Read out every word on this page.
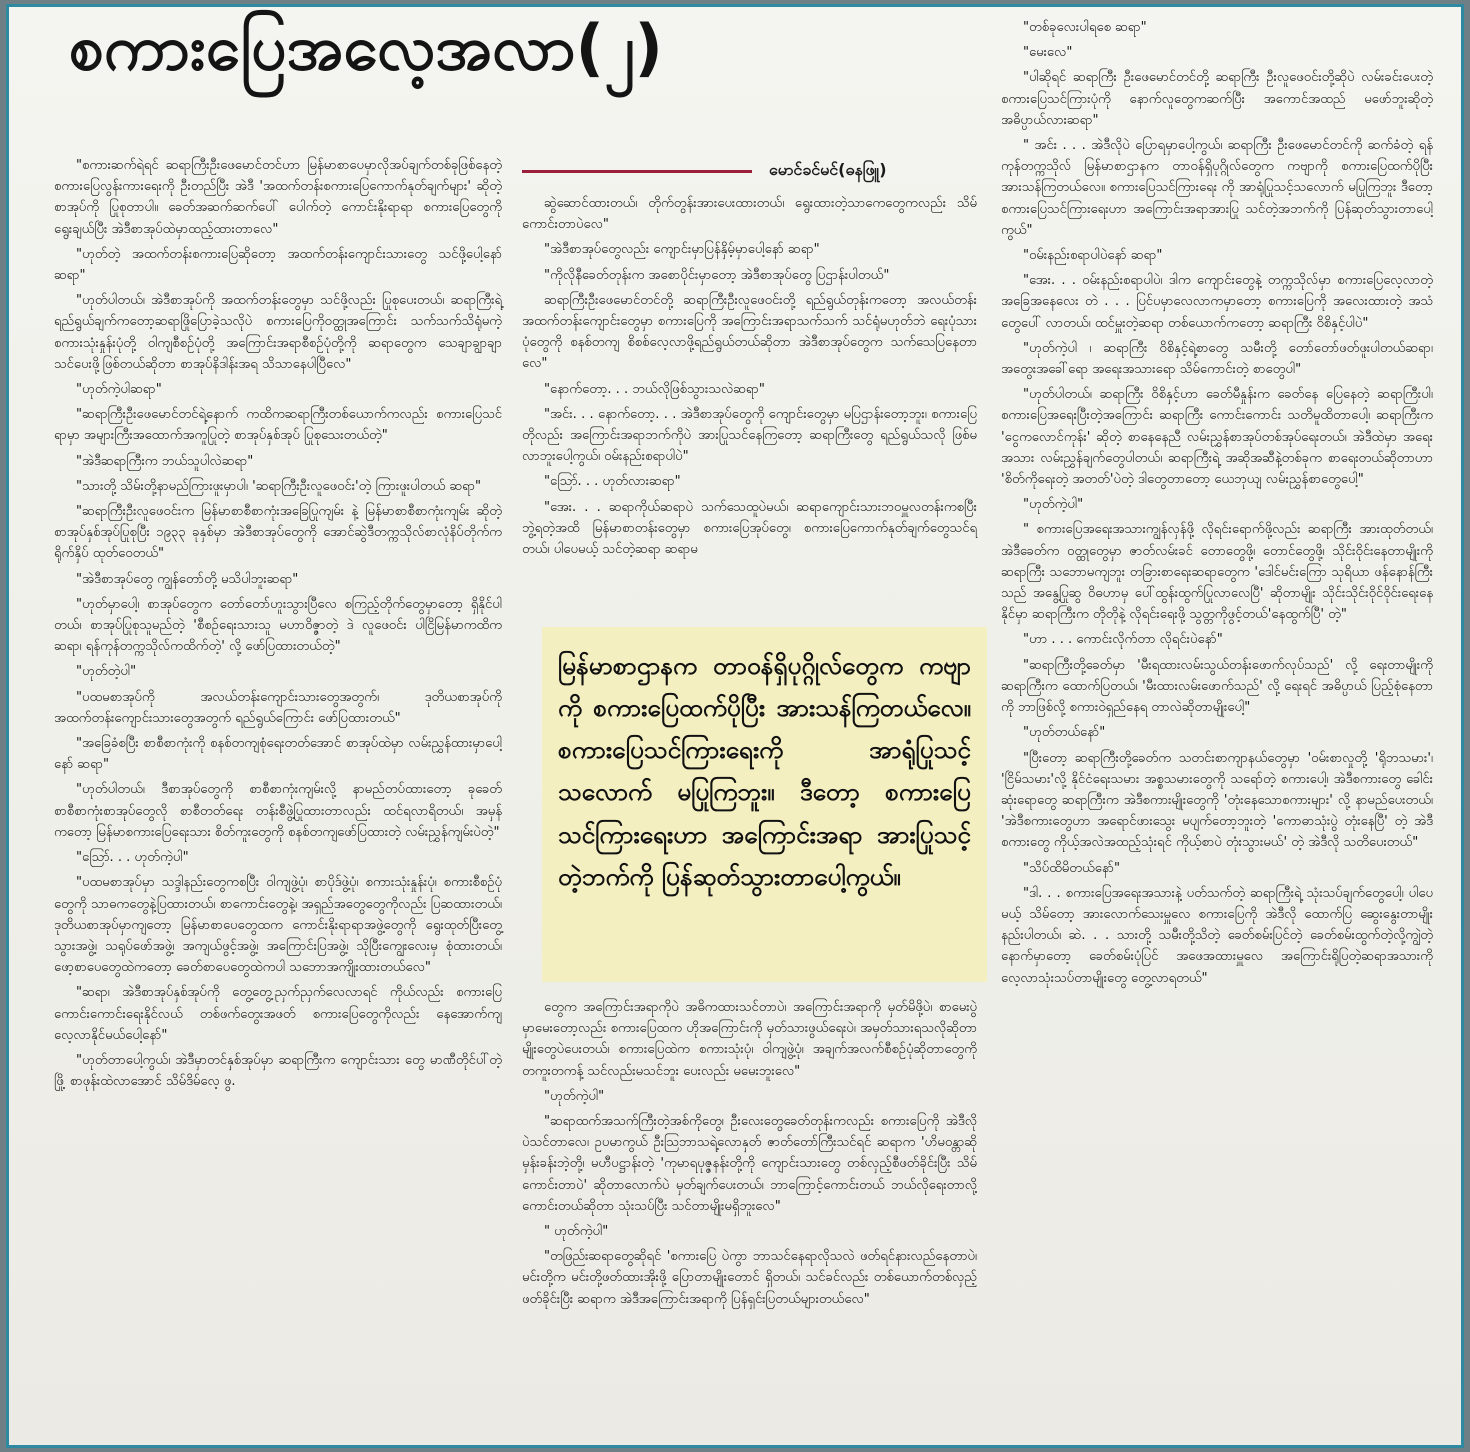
စကားပြေအလေ့အလာ(၂)
မောင်ခင်မင်(ဓနဖြူ)

"စကားဆက်ရဲရင် ဆရာကြီးဦးဖေမောင်တင်ဟာ မြန်မာစာပေမှာလိုအပ်ချက်တစ်ခုဖြစ်နေတဲ့ စကားပြေလွန်းကားရေးကို ဦးတည်ပြီး အဲဒီ 'အထက်တန်းစကားပြေကောက်နုတ်ချက်များ' ဆိုတဲ့ စာအုပ်ကို ပြုစုတာပါ။ ခေတ်အဆက်ဆက်ပေါ် ပေါက်တဲ့ ကောင်းနိုးရာရာ စကားပြေတွေကို ရွေးချယ်ပြီး အဲဒီစာအုပ်ထဲမှာထည့်ထားတာလေ"

"ဟုတ်တဲ့ အထက်တန်းစကားပြေဆိုတော့ အထက်တန်းကျောင်းသားတွေ သင်ဖို့ပေါ့နော်ဆရာ"

"ဟုတ်ပါတယ်၊ အဲဒီစာအုပ်ကို အထက်တန်းတွေမှာ သင်ဖို့လည်း ပြုစုပေးတယ်၊ ဆရာကြီးရဲ့ရည်ရွယ်ချက်ကတော့ဆရာဖြိုပြောခဲ့သလိုပဲ စကားပြေကိုဝတ္ထုအကြောင်း သက်သက်သိရုံမကဲ့ စကားသုံးနှုန်းပုံတို့ ဝါကျစီစဉ်ပုံတို့ အကြောင်းအရာစီစဉ်ပုံတို့ကို ဆရာတွေက သေချာချွာချာသင်ပေးဖို့ဖြစ်တယ်ဆိုတာ စာအုပ်နိဒါန်းအရ သိသာနေပါပြီလေ"

"ဟုတ်ကဲ့ပါဆရာ"

"ဆရာကြီးဦးဖေမောင်တင်ရဲ့နောက် ကထိကဆရာကြီးတစ်ယောက်ကလည်း စကားပြေသင်ရာမှာ အများကြီးအထောက်အကူပြုတဲ့ စာအုပ်နှစ်အုပ် ပြုစုသေးတယ်တဲ့"

"အဲဒီဆရာကြီးက ဘယ်သူပါလဲဆရာ"

"သားတို့ သိမ်းတို့နာမည်ကြားဖူးမှာပါ၊ 'ဆရာကြီးဦးလူဖေဝင်း'တဲ့ ကြားဖူးပါတယ် ဆရာ"

"ဆရာကြီးဦးလူဖေဝင်းက မြန်မာစာစီစာကုံးအခြေပြုကျမ်း နဲ့ မြန်မာစာစီစာကုံးကျမ်း ဆိုတဲ့ စာအုပ်နှစ်အုပ်ပြုစုပြီး ၁၉၃၃ ခုနှစ်မှာ အဲဒီစာအုပ်တွေကို အောင်ဆွဲဒီတက္ကသိုလ်စာလုံနိပ်တိုက်က ရိုက်နှိပ် ထုတ်ဝေတယ်"

"အဲဒီစာအုပ်တွေ ကျွန်တော်တို့ မသိပါဘူးဆရာ"

"ဟုတ်မှာပေါ့၊ စာအုပ်တွေက တော်တော်ဟူးသွားပြီလေ စကြည့်တိုက်တွေမှာတော့ ရှိနိုင်ပါတယ်၊ စာအုပ်ပြုစုသူမည်တဲ့ 'စီစဉ်ရေးသားသူ မဟာဝိဇ္ဇာတဲ့ ဒဲ လူဖေဝင်း ပါငြိမြန်မာကထိက ဆရာ၊ ရန်ကုန်တက္ကသိုလ်ကထိက်တဲ့' လို့ ဖော်ပြထားတယ်တဲ့"

"ဟုတ်တဲ့ပါ"

"ပထမစာအုပ်ကို အလယ်တန်းကျောင်းသားတွေအတွက်၊ ဒုတိယစာအုပ်ကို အထက်တန်းကျောင်းသားတွေအတွက် ရည်ရွယ်ကြောင်း ဖော်ပြထားတယ်"

"အခြေခံစပြီး စာစီစာကုံးကို စနစ်တကျစုံရေးတတ်အောင် စာအုပ်ထဲမှာ လမ်းညွှန်ထားမှာပေါ့နော် ဆရာ"

"ဟုတ်ပါတယ်၊ ဒီစာအုပ်တွေကို စာစီစာကုံးကျမ်းလို့ နာမည်တပ်ထားတော့ ခုခေတ် စာစီစာကုံးစာအုပ်တွေလို စာစီတတ်ရေး တန်းစီဖွဲ့ပြုထားတာလည်း ထင်ရလာရိတယ်၊ အမှန်ကတော့ မြန်မာစကားပြေရေးသား စိတ်ကူးတွေကို စနစ်တကျဖော်ပြထားတဲ့ လမ်းညွှန်ကျမ်းပဲတဲ့"

"ဪ. . . ဟုတ်ကဲ့ပါ"

"ပထမစာအုပ်မှာ သဒ္ဒါနည်းတွေကစပြီး ဝါကျဖွဲ့ပုံ၊ စာပိုဒ်ဖွဲ့ပုံ၊ စကားသုံးနှုန်းပုံ၊ စကားစီစဉ်ပုံတွေကို သာဓကတွေနဲ့ပြထားတယ်၊ စာကောင်းတွေနဲ့၊ အရှည်အတွေတွေကိုလည်း ပြဆထားတယ်၊ ဒုတိယစာအုပ်မှာကျတော့ မြန်မာစာပေတွေထက ကောင်းနိုးရာရာအဖွဲ့တွေကို ရွေးထုတ်ပြီးတွေ့ သွားအဖွဲ့၊ သရုပ်ဖော်အဖွဲ့၊ အကျယ်ဖွင့်အဖွဲ့၊ အကြောင်းပြအဖွဲ့၊ သိုပြီးကျွေးလေးမှ စုံထားတယ်၊ ဖော့စာပေတွေထဲကတော့ ခေတ်စာပေတွေထဲကပါ သဘောအကျိုးထားတယ်လေ"

"ဆရာ၊ အဲဒီစာအုပ်နှစ်အုပ်ကို တွေ့တွေ့ညှက်ညှက်လေလာရင် ကိုယ်လည်း စကားပြေကောင်းကောင်းရေးနိုင်လယ် တစ်ဖက်တွေးအဖတ် စကားပြေတွေကိုလည်း နေအောက်ကျ လေ့လာနိုင်မယ်ပေါ့နော်"

"ဟုတ်တာပေါ့ကွယ်၊ အဲဒီမှာတင်နှစ်အုပ်မှာ ဆရာကြီးက ကျောင်းသား တွေ မာဏီတိုင်ပါ်တဲ့ဖြို့ စာဖုန်းထဲလာအောင် သိမ်ဒိမ်လေ့ ဖွ.

ဆွဲဆောင်ထားတယ်၊ တိုက်တွန်းအားပေးထားတယ်၊ ရွေးထားတဲ့သာကေတွေကလည်း သိမ်ကောင်းတာပဲလေ"

"အဲဒီစာအုပ်တွေလည်း ကျောင်းမှာပြန်နှိမ့်မှာပေါ့နော် ဆရာ"

"ကိုလိုနီခေတ်တုန်းက အစောပိုင်းမှာတော့ အဲဒီစာအုပ်တွေ ပြဌာန်းပါတယ်"

ဆရာကြီးဦးဖေမောင်တင်တို့ ဆရာကြီးဦးလူဖေဝင်းတို့ ရည်ရွယ်တုန်းကတော့ အလယ်တန်း အထက်တန်းကျောင်းတွေမှာ စကားပြေကို အကြောင်းအရာသက်သက် သင်ရုံမဟုတ်ဘဲ ရေးပုံသားပုံတွေကို စနစ်တကျ စိစစ်လေ့လာဖို့ရည်ရွယ်တယ်ဆိုတာ အဲဒီစာအုပ်တွေက သက်သေပြနေတာလေ"

"နောက်တော့. . . ဘယ်လိုဖြစ်သွားသလဲဆရာ"

"အင်း. . . နောက်တော့. . . အဲဒီစာအုပ်တွေကို ကျောင်းတွေမှာ မပြဌာန်းတော့ဘူး၊ စကားပြေတိုလည်း အကြောင်းအရာဘက်ကိုပဲ အားပြုသင်နေကြတော့ ဆရာကြီးတွေ ရည်ရွယ်သလို ဖြစ်မလာဘူးပေါ့ကွယ်၊ ဝမ်းနည်းစရာပါပဲ"

"ဪ. . . ဟုတ်လားဆရာ"

"အေး. . . ဆရာကိုယ်ဆရာပဲ သက်သေထူပဲမယ်၊ ဆရာကျောင်းသားဘဝမှူလတန်းကစပြီး ဘွဲ့ရတဲ့အထိ မြန်မာစာတန်းတွေမှာ စကားပြေအုပ်တွေ၊ စကားပြေကောက်နုတ်ချက်တွေသင်ရတယ်၊ ပါပေမယ့် သင်တဲ့ဆရာ ဆရာမ

မြန်မာစာဌာနက တာဝန်ရှိပုဂ္ဂိုလ်တွေက ကဗျာကို စကားပြေထက်ပိုပြီး အားသန်ကြတယ်လေ။ စကားပြေသင်ကြားရေးကို အာရုံပြုသင့်သလောက် မပြုကြဘူး။ ဒီတော့ စကားပြေသင်ကြားရေးဟာ အကြောင်းအရာ အားပြုသင့်တဲ့ဘက်ကို ပြန်ဆုတ်သွားတာပေါ့ကွယ်။

တွေက အကြောင်းအရာကိုပဲ အဓိကထားသင်တာပဲ၊ အကြောင်းအရာကို မှတ်မိဖို့ပဲ၊ စာမေးပွဲမှာမေးတော့လည်း စကားပြေထက ဟိုအကြောင်းကို မှတ်သားဖွယ်ရေးပဲ၊ အမှတ်သားရသလိုဆိုတာမျိုးတွေပဲပေးတယ်၊ စကားပြေထဲက စကားသုံးပုံ၊ ဝါကျဖွဲ့ပုံ၊ အချက်အလက်စီစဉ်ပုံဆိုတာတွေကို တကူးတကန့် သင်လည်းမသင်ဘူး ပေးလည်း မမေးဘူးလေ"

"ဟုတ်ကဲ့ပါ"

"ဆရာထက်အသက်ကြီးတဲ့အစ်ကိုတွေ၊ ဦးလေးတွေခေတ်တုန်းကလည်း စကားပြေကို အဲဒီလိုပဲသင်တာလေ၊ ဥပမာကွယ် ဦးသြဘာသရဲ့လောနှတ် ဇာတ်တော်ကြီးသင်ရင် ဆရာက 'ဟိမဝန္တာဆိုမှန်းခန်းဘဲ့တို့၊ မဟီပဋ္ဌာန်းတဲ့ 'ကုမာရပုဇ္ဇနန်းတို့ကို ကျောင်းသားတွေ တစ်လှည့်စီဖတ်ခိုင်းပြီး သိမ်ကောင်းတာပဲ' ဆိုတာလောက်ပဲ မှတ်ချက်ပေးတယ်၊ ဘာကြောင့်ကောင်းတယ် ဘယ်လိုရေးတာလို့ ကောင်းတယ်ဆိုတာ သုံးသပ်ပြီး သင်တာမျိုးမရှိဘူးလေ"

" ဟုတ်ကဲ့ပါ"

"တဖြည်းဆရာတွေဆိုရင် 'စကားပြေ ပဲကွာ ဘာသင်နေရာလိုသလဲ ဖတ်ရင်နားလည်နေတာပဲ၊ မင်းတို့က မင်းတို့ဖတ်ထားအိုးဖို့ ပြောတာမျိုးတောင် ရှိတယ်၊ သင်ခင်လည်း တစ်ယောက်တစ်လှည့်ဖတ်ခိုင်းပြီး ဆရာက အဲဒီအကြောင်းအရာကို ပြန်ရှင်းပြတယ်များတယ်လေ"

"တစ်ခုလေးပါရစေ ဆရာ"

"မေးလေ"

"ပါဆိုရင် ဆရာကြီး ဦးဖေမောင်တင်တို့ ဆရာကြီး ဦးလူဖေဝင်းတို့ဆိုပဲ လမ်းခင်းပေးတဲ့ စကားပြေသင်ကြားပုံကို နောက်လူတွေကဆက်ပြီး အကောင်အထည် မဖော်ဘူးဆိုတဲ့ အဓိပ္ပာယ်လားဆရာ"

" အင်း . . . အဲဒီလိုပဲ ပြောရမှာပေါ့ကွယ်၊ ဆရာကြီး ဦးဖေမောင်တင်ကို ဆက်ခံတဲ့ ရန်ကုန်တက္ကသိုလ် မြန်မာစာဌာနက တာဝန်ရှိပုဂ္ဂိုလ်တွေက ကဗျာကို စကားပြေထက်ပိုပြီး အားသန်ကြတယ်လေ။ စကားပြေသင်ကြားရေး ကို အာရုံပြုသင့်သလောက် မပြုကြဘူး ဒီတော့ စကားပြေသင်ကြားရေးဟာ အကြောင်းအရာအားပြု သင်တဲ့အဘက်ကို ပြန်ဆုတ်သွားတာပေါ့ကွယ်"

"ဝမ်းနည်းစရာပါပဲနော် ဆရာ"

"အေး. . . ဝမ်းနည်းစရာပါပဲ၊ ဒါက ကျောင်းတွေနဲ့ တက္ကသိုလ်မှာ စကားပြေလေ့လာတဲ့ အခြေအနေလေး တဲ . . . ပြင်ပမှာလေလာကမှာတော့ စကားပြေကို အလေးထားတဲ့ အသံတွေပေါ် လာတယ်၊ ထင်မှူးတဲ့ဆရာ တစ်ယောက်ကတော့ ဆရာကြီး ဝိစိနှင့်ပါပဲ"

"ဟုတ်ကဲ့ပါ ၊ ဆရာကြီး ဝိစိနှင့်ရဲ့စာတွေ သမီးတို့ တော်တော်ဖတ်ဖူးပါတယ်ဆရာ၊ အတွေးအခေါ်ရော အရေးအသားရော သိမ်ကောင်းတဲ့ စာတွေပါ"

"ဟုတ်ပါတယ်၊ ဆရာကြီး ဝိစိနှင့်ဟာ ခေတ်မီနှုန်းက ခေတ်နေ ပြေနေတဲ့ ဆရာကြီးပါ၊ စကားပြေအရေးပြီးတဲ့အကြောင်း ဆရာကြီး ကောင်းကောင်း သတိမူထိတာပေါ့၊ ဆရာကြီးက 'ငွေကလောင်ကုန်း' ဆိုတဲ့ စာနေနေညီ လမ်းညွှန်စာအုပ်တစ်အုပ်ရေးတယ်၊ အဲဒီထဲမှာ အရေးအသား လမ်းညွှန်ချက်တွေပါတယ်၊ ဆရာကြီးရဲ့ အဆိုအဆီနဲ့တစ်ခုက စာရေးတယ်ဆိုတာဟာ 'စိတ်ကိုရေးတဲ့ အတတ်'ပဲတဲ့ ဒါတွေတာတော့ ယေဘုယျ လမ်းညွှန်စာတွေပေါ့"

"ဟုတ်ကဲ့ပါ"

" စကားပြေအရေးအသားကျွန်လှန်ဖို့ လိုရင်းရောက်ဖို့လည်း ဆရာကြီး အားထုတ်တယ်၊ အဲဒီခေတ်က ဝတ္ထုတွေမှာ ဇာတ်လမ်းခင် တောတွေဖို့၊ တောင်တွေဖို့၊ သိုင်းဝိုင်းနေတာမျိုးကို ဆရာကြီး သဘောမကျဘူး တခြားစာရေးဆရာတွေက 'ဒေါင်မင်းကြော သုရိယာ ဖန်နောန်ကြီးသည် အနွေ့ပြုဆွ ဝိဓဟာမှ ပေါ်ထွန်းထွက်ပြုလာလေပြီ' ဆိုတာမျိုး သိုင်းသိုင်းဝိုင်ဝိုင်းရေးနေနိုင်မှာ ဆရာကြီးက တိုတိုနဲ့ လိုရင်းရေးဖို့ သွတ္တကိုဖွင့်တယ်'နေထွက်ပြီ' တဲ့"

"ဟာ . . . ကောင်းလိုက်တာ လိုရင်းပဲနော်"

"ဆရာကြီးတို့ခေတ်မှာ 'မီးရထားလမ်းသွယ်တန်းဖောက်လုပ်သည်' လို့ ရေးတာမျိုးကို ဆရာကြီးက ထောက်ပြတယ်၊ 'မီးထားလမ်းဖောက်သည်' လို့ ရေးရင် အဓိပ္ပာယ် ပြည့်စုံနေတာကို ဘာဖြစ်လို့ စကားဝဲရှည်နေရ တာလဲဆိုတာမျိုးပေါ့"

"ဟုတ်တယ်နော်"

"ပြီးတော့ ဆရာကြီးတို့ခေတ်က သတင်းစာကျာနယ်တွေမှာ 'ဝမ်းစာလှုတို့ 'ရိုဘသမား'၊ 'ငြိမ်သမား'လို့ နိုင်ငံရေးသမား အစ္စသမားတွေကို သရော်တဲ့ စကားပေါ့၊ အဲဒီစကားတွေ ခေါင်းဆုံးရောတွေ ဆရာကြီးက အဲဒီစကားမျိုးတွေကို 'တုံးနေသောစကားများ' လို့ နာမည်ပေးတယ်၊ 'အဲဒီစကားတွေဟာ အရောင်ဖားသွေး မပျက်တော့ဘူးတဲ့ 'ကောဓာသုံးပွဲ တုံးနေပြီ' တဲ့ အဲဒီစကားတွေ ကိုယ့်အလဲအထည့်သုံးရင် ကိုယ့်စာပဲ တုံးသွားမယ်' တဲ့ အဲဒီလို သတိပေးတယ်"

"သိပ်ထိမိတယ်နော်"

"ဒါ. . . စကားပြေအရေးအသားနဲ့ ပတ်သက်တဲ့ ဆရာကြီးရဲ့ သုံးသပ်ချက်တွေပေါ့၊ ပါပေမယ့် သိမ်တော့ အားလောက်သေးမှူလေ စကားပြေကို အဲဒီလို ထောက်ပြ ဆွေးနွေးတာမျိုး နည်းပါတယ်၊ ဆဲ. . . သားတို့ သမီးတို့သိတဲ့ ခေတ်စမ်းပြင်တဲ့ ခေတ်စမ်းထွက်တဲ့လို့ကျွဲတဲ့နောက်မှာတော့ ခေတ်စမ်းပုံပြင် အဖေအထားမှူလေ အကြောင်းရိုပြတဲ့ဆရာအသားကို လေ့လာသုံးသပ်တာမျိုးတွေ တွေ့လာရတယ်"
